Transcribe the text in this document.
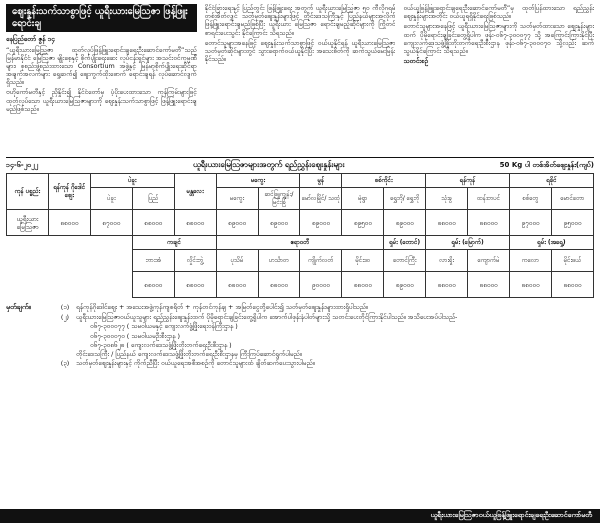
ဈေးနှုန်းသက်သာစွာဖြင့် ယူရီးယားမြေဩဇာ ဖြန့်ဖြူးရောင်းချ

နေပြည်တော် ဇွန် ၁၄

“ယူရီးယားမြေဩဇာ ထုတ်လုပ်ဖြန့်ဖြူးရောင်းချရေးဦးဆောင်ကော်မတီ”သည် မြန်မာနိုင်ငံ မြေဩဇာ မျိုးစေ့နှင့် စိုက်ပျိုးရေးဆေး လုပ်ငန်းရှင်များ အသင်းဝင်ကုမ္ပဏီများ၊ စုစည်းဖွဲ့စည်းထားသော Consortium အဖွဲ့နှင့် မြန်မာ့စိုက်ပျိုးရေးဆိုင်ရာ အချက်အလက်များ ရှေ့ဆက်၍ ဈေးကွက်ထိုးဖောက် ရောင်းချရန် လုပ်ဆောင်လျက်ရှိသည်။

ဗဟိုကော်မတီနှင့် ညှိနှိုင်း၍ နိုင်ငံတော်မှ ပံ့ပိုးပေးထားသော ကုန်ကြမ်းများဖြင့် ထုတ်လုပ်သော ယူရီးယားမြေဩဇာများကို ဈေးနှုန်းသက်သာစွာဖြင့် ဖြန့်ဖြူးရောင်းချမည်ဖြစ်သည်။

နိုင်ငံခြားရေးနှင့် ပြည်တွင်း ဖြန့်ဖြူးရေး အတွက် ယူရီးယားမြေဩဇာ ၅၀ ကီလိုဂရမ် တစ်အိတ်လျှင် သတ်မှတ်ဈေးနှုန်းများဖြင့် တိုင်းဒေသကြီးနှင့် ပြည်နယ်များအလိုက် ဖြန့်ဖြူးရောင်းချမည်ဖြစ်ပြီး ယူရီးယား မြေဩဇာ ရောင်းချမည့်ဆိုင်များကို ကြိုတင်စာရင်းပေးသွင်း နိုင်ကြောင်း သိရသည်။

တောင်သူများအနေဖြင့် ဈေးနှုန်းသက်သာစွာဖြင့် ဝယ်ယူနိုင်ရန် ယူရီးယားမြေဩဇာ သတ်မှတ်ဆိုင်များတွင် သွားရောက်ဝယ်ယူနိုင်ပြီး အသေးစိတ်ကို ဆက်သွယ်မေးမြန်းနိုင်သည်။

ဝယ်ယူဖြန့်ဖြူးရောင်းချရေးဦးဆောင်ကော်မတီ”မှ ထုတ်ပြန်ထားသော ရည်ညွှန်းဈေးနှုန်းများအတိုင်း ဝယ်ယူရရှိနိုင်ရေးဖြစ်သည်။

တောင်သူများအနေဖြင့် ယူရီးယားမြေဩဇာများကို သတ်မှတ်ထားသော ဈေးနှုန်းများထက် ပိုမိုရောင်းချခြင်းတွေ့ရှိပါက ဖုန်း-၀၆၇-၃၀၀၀၇၇ သို့ အကြောင်းကြားနိုင်ပြီး ကျေးလက်ဒေသဖွံ့ဖြိုးတိုးတက်ရေးဦးစီးဌာန ဖုန်း-၀၆၇-၃၀၀၀၇၀ သို့လည်း ဆက်သွယ်နိုင်ကြောင်း သိရသည်။

သတင်းစဉ်

၁၄-၆-၂၀၂၂	ယူရီးယားမြေဩဇာများအတွက် ရည်ညွှန်းဈေးနှုန်းများ	50 Kg ပါ တစ်အိတ်ဈေးနှုန်း(ကျပ်)
ကုန် ပစ္စည်း	ရန်ကုန် ဂိုဒေါင်ဈေး	ပဲခူး		မန္တလေး	မကွေး		မွန်	စစ်ကိုင်း		ရန်ကုန်		ရခိုင်	
		ပဲခူး	ပြည်		မကွေး	ဆင်ဖြူကျွန်း/ မြင်းခြံ	မော်လမြိုင်/ သထုံ	မုံရွာ	ရွှေဘို/ ရွှေဘို	သုံးခွ	ထန်းတပင်	စစ်တွေ	မောင်တော
ယူရီးယား မြေဩဇာ	၈၈၀၀၀	၈၇၀၀၀	၈၈၀၀၀	၈၈၀၀၀	၈၉၀၀၀	၈၉၀၀၀	၈၉၀၀၀	၈၉၅၀၀	၈၉၀၀၀	၈၈၀၀၀	၈၈၀၀၀	၉၇၀၀၀	၉၅၀၀၀
			ကချင်		ဧရာဝတီ				ရှမ်း (တောင်)	ရှမ်း (မြောက်)		ရှမ်း (အရှေ့)	
			ဘားအံ	လှိုင်းဘွဲ့	ပုသိမ်	ဟင်္သာတ	ကျိုက်လတ်	မိုင်းဒဝ	တောင်ကြီး	လားရှိုး	ကျောက်မဲ	ကလော	မိုင်းဖယ်
			၈၈၀၀၀	၈၈၀၀၀	၈၈၀၀၀	၈၈၀၀၀	၉၀၀၀၀	၈၈၀၀၀	၈၉၀၀၀	၈၈၀၀၀	၈၈၀၀၀	၈၈၀၀၀	၈၈၀၀၀
မှတ်ချက်။	(၁)	ရန်ကုန်ဂိုဒေါင်ဈေး + အသေးအဖွဲ့ကုန်ကျစရိတ် + ကုန်တင်ကုန်ချ + အမြတ်ငွေတို့ပေါင်း၍ သတ်မှတ်ဈေးနှုန်းများထားရှိပါသည်။
(၂)	ယူရီးယားမြေဩဇာဝယ်ယူသူများ ရည်ညွှန်းဈေးနှုန်းထက် ပိုမိုရောင်းချခြင်းတွေ့ရှိပါက အောက်ပါဖုန်းနံပါတ်များသို့ သတင်းပေးတိုင်ကြားနိုင်ပါသည်။ အသိပေးအပ်ပါသည်-
၀၆၇-၃၀၀၀၇၇ ( သမဝါယမနှင့် ကျေးလက်ဖွံ့ဖြိုးရေးဝန်ကြီးဌာန )
၀၆၇-၃၀၀၀၇၀ ( သမဝါယမဦးစီးဌာန )
၀၆၇-၃၀၈၆၂၈ ( ကျေးလက်ဒေသဖွံ့ဖြိုးတိုးတက်ရေးဦးစီးဌာန )
တိုင်းဒေသကြီး / ပြည်နယ် ကျေးလက်ဒေသဖွံ့ဖြိုးတိုးတက်ရေးဦးစီးဌာနမှ ကြီးကြပ်ဆောင်ရွက်ပါမည်။
(၃)	သတ်မှတ်ဈေးနှုန်းများနှင့် ကိုက်ညီပြီး ဝယ်ယူရေးအစီအစဉ်ကို တောင်သူများထံ ချိတ်ဆက်ပေးသွားပါမည်။
ယူရီးယားမြေဩဇာဝယ်ယူဖြန့်ဖြူးရောင်းချရေးဦးဆောင်ကော်မတီ
